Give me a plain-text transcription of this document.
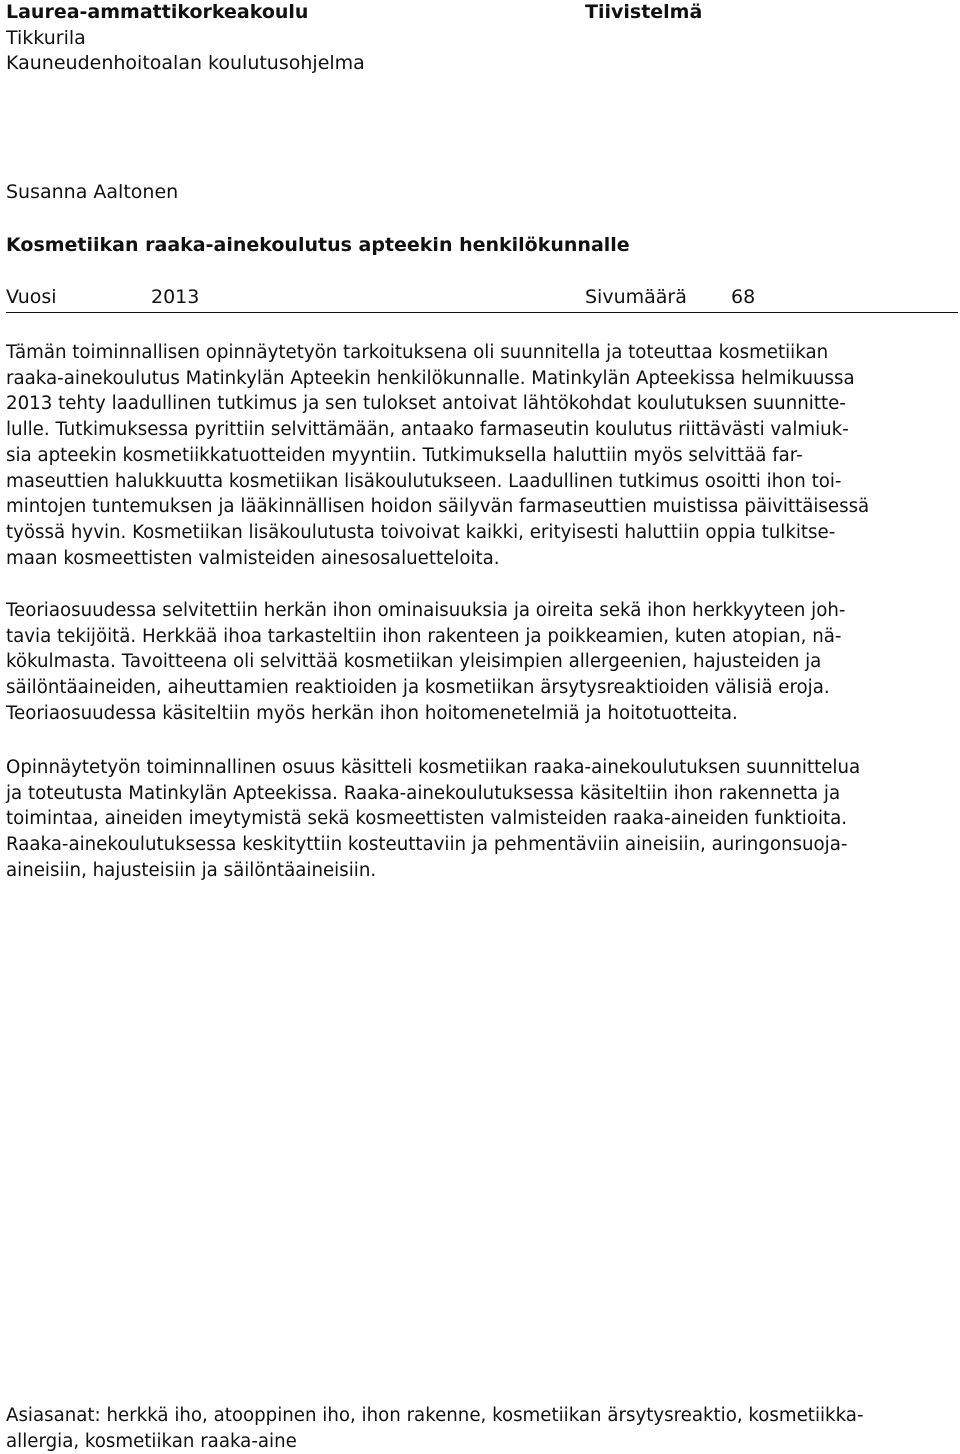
Laurea-ammattikorkeakoulu
Tikkurila
Kauneudenhoitoalan koulutusohjelma
Tiivistelmä
Susanna Aaltonen
Kosmetiikan raaka-ainekoulutus apteekin henkilökunnalle
Vuosi	2013	Sivumäärä 68
Tämän toiminnallisen opinnäytetyön tarkoituksena oli suunnitella ja toteuttaa kosmetiikan
raaka-ainekoulutus Matinkylän Apteekin henkilökunnalle. Matinkylän Apteekissa helmikuussa
2013 tehty laadullinen tutkimus ja sen tulokset antoivat lähtökohdat koulutuksen suunnitte-
lulle. Tutkimuksessa pyrittiin selvittämään, antaako farmaseutin koulutus riittävästi valmiuk-
sia apteekin kosmetiikkatuotteiden myyntiin. Tutkimuksella haluttiin myös selvittää far-
maseuttien halukkuutta kosmetiikan lisäkoulutukseen. Laadullinen tutkimus osoitti ihon toi-
mintojen tuntemuksen ja lääkinnällisen hoidon säilyvän farmaseuttien muistissa päivittäisessä
työssä hyvin. Kosmetiikan lisäkoulutusta toivoivat kaikki, erityisesti haluttiin oppia tulkitse-
maan kosmeettisten valmisteiden ainesosaluetteloita.
Teoriaosuudessa selvitettiin herkän ihon ominaisuuksia ja oireita sekä ihon herkkyyteen joh-
tavia tekijöitä. Herkkää ihoa tarkasteltiin ihon rakenteen ja poikkeamien, kuten atopian, nä-
kökulmasta. Tavoitteena oli selvittää kosmetiikan yleisimpien allergeenien, hajusteiden ja
säilöntäaineiden, aiheuttamien reaktioiden ja kosmetiikan ärsytysreaktioiden välisiä eroja.
Teoriaosuudessa käsiteltiin myös herkän ihon hoitomenetelmiä ja hoitotuotteita.
Opinnäytetyön toiminnallinen osuus käsitteli kosmetiikan raaka-ainekoulutuksen suunnittelua
ja toteutusta Matinkylän Apteekissa. Raaka-ainekoulutuksessa käsiteltiin ihon rakennetta ja
toimintaa, aineiden imeytymistä sekä kosmeettisten valmisteiden raaka-aineiden funktioita.
Raaka-ainekoulutuksessa keskityttiin kosteuttaviin ja pehmentäviin aineisiin, auringonsuoja-
aineisiin, hajusteisiin ja säilöntäaineisiin.
Asiasanat: herkkä iho, atooppinen iho, ihon rakenne, kosmetiikan ärsytysreaktio, kosmetiikka-
allergia, kosmetiikan raaka-aine
